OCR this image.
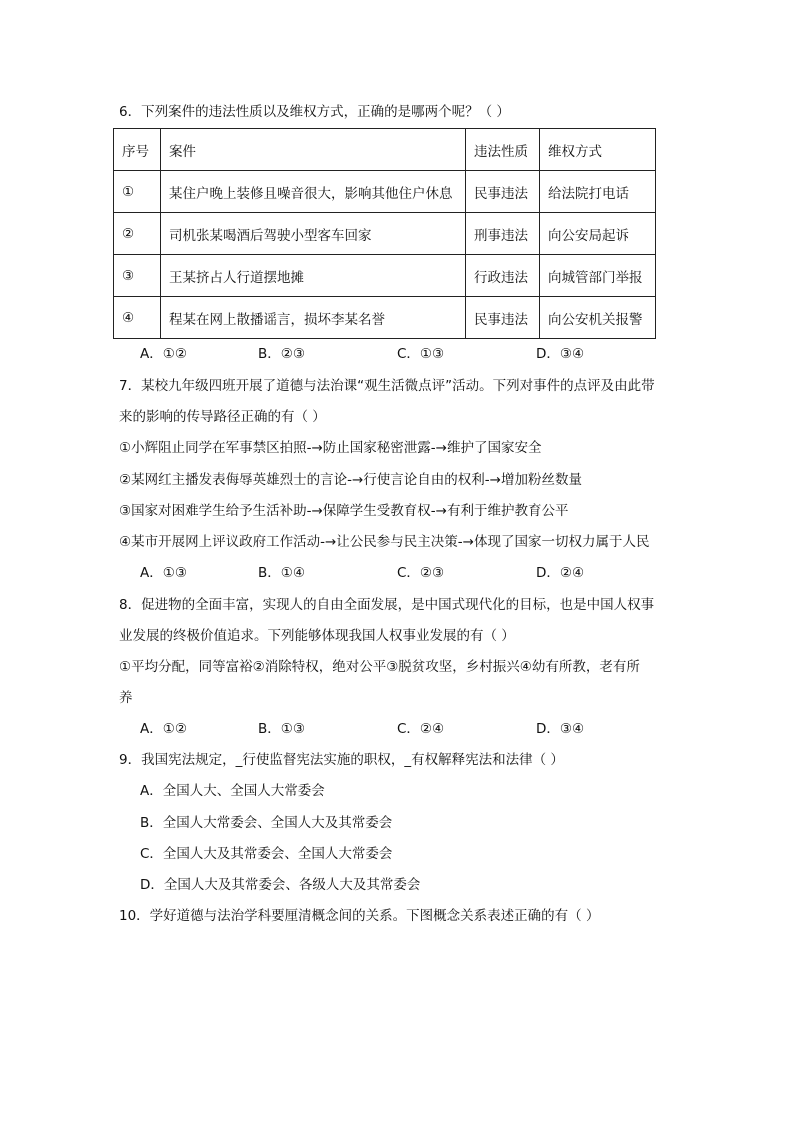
6．下列案件的违法性质以及维权方式，正确的是哪两个呢？（ ）
序号	案件	违法性质	维权方式
①	某住户晚上装修且噪音很大，影响其他住户休息	民事违法	给法院打电话
②	司机张某喝酒后驾驶小型客车回家	刑事违法	向公安局起诉
③	王某挤占人行道摆地摊	行政违法	向城管部门举报
④	程某在网上散播谣言，损坏李某名誉	民事违法	向公安机关报警
A．①②	B．②③	C．①③	D．③④
7．某校九年级四班开展了道德与法治课“观生活微点评”活动。下列对事件的点评及由此带
来的影响的传导路径正确的有（ ）
①小辉阻止同学在军事禁区拍照-→防止国家秘密泄露-→维护了国家安全
②某网红主播发表侮辱英雄烈士的言论-→行使言论自由的权利-→增加粉丝数量
③国家对困难学生给予生活补助-→保障学生受教育权-→有利于维护教育公平
④某市开展网上评议政府工作活动-→让公民参与民主决策-→体现了国家一切权力属于人民
A．①③	B．①④	C．②③	D．②④
8．促进物的全面丰富，实现人的自由全面发展，是中国式现代化的目标，也是中国人权事
业发展的终极价值追求。下列能够体现我国人权事业发展的有（ ）
①平均分配，同等富裕②消除特权，绝对公平③脱贫攻坚，乡村振兴④幼有所教，老有所
养
A．①②	B．①③	C．②④	D．③④
9．我国宪法规定，_行使监督宪法实施的职权，_有权解释宪法和法律（ ）
A．全国人大、全国人大常委会
B．全国人大常委会、全国人大及其常委会
C．全国人大及其常委会、全国人大常委会
D．全国人大及其常委会、各级人大及其常委会
10．学好道德与法治学科要厘清概念间的关系。下图概念关系表述正确的有（ ）
